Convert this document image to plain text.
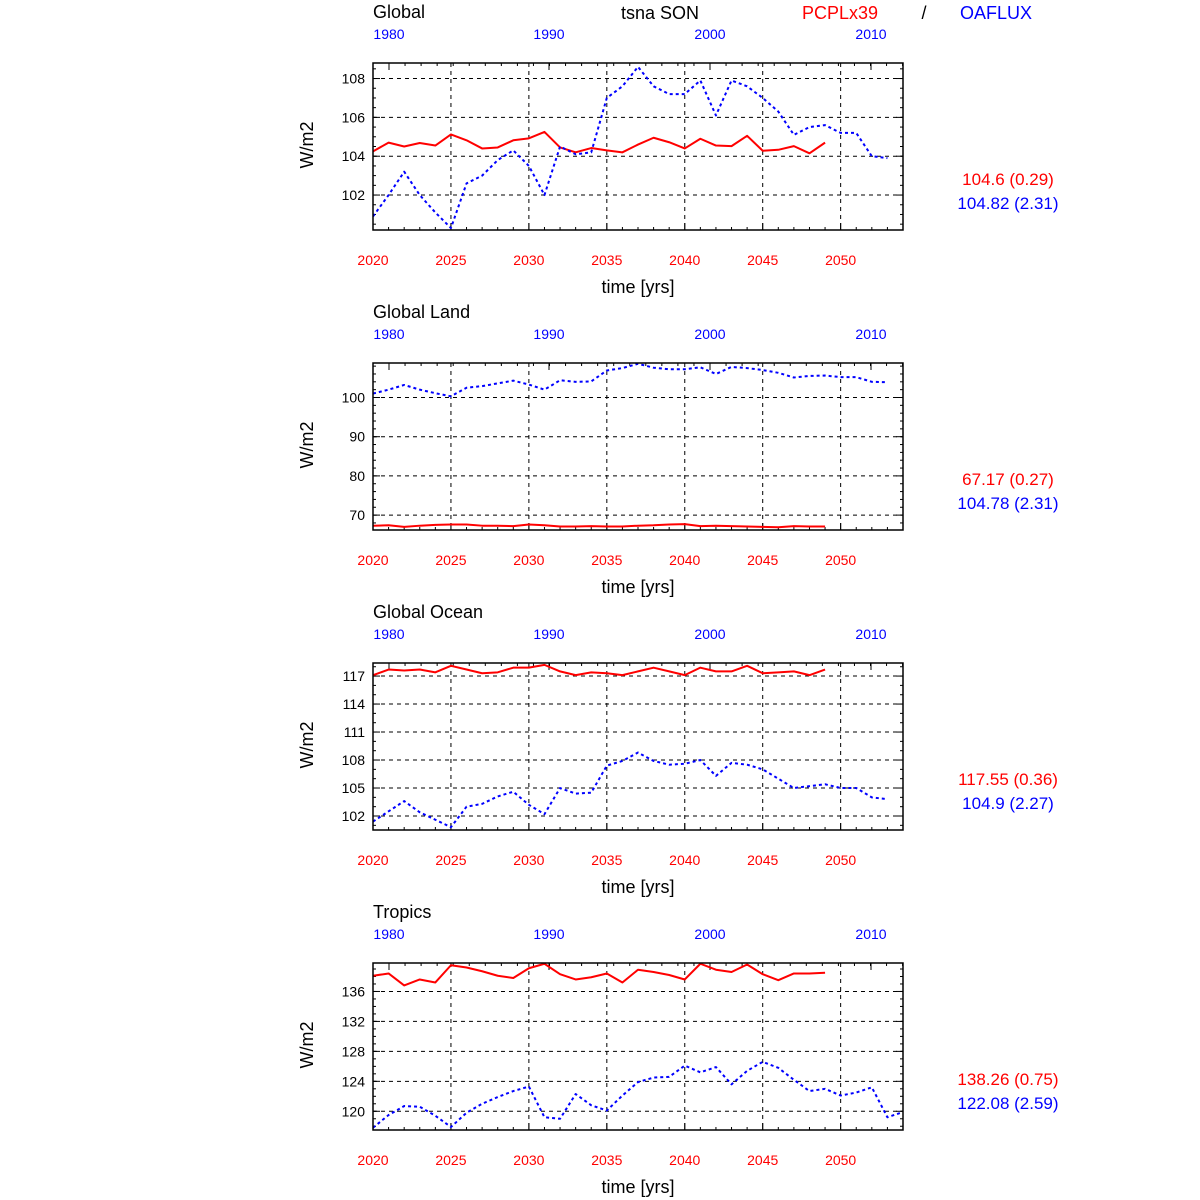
tsna SON	PCPLx39 / OAFLUX
Global
102
104
106
108
2020	2025	2030	2035	2040	2045	2050
1980	1990	2000	2010
time [yrs]
W/m2
104.6 (0.29)
104.82 (2.31)
Global Land
70
80
90
100
2020	2025	2030	2035	2040	2045	2050
1980	1990	2000	2010
time [yrs]
W/m2
67.17 (0.27)
104.78 (2.31)
Global Ocean
102
105
108
111
114
117
2020	2025	2030	2035	2040	2045	2050
1980	1990	2000	2010
time [yrs]
W/m2
117.55 (0.36)
104.9 (2.27)
Tropics
120
124
128
132
136
2020	2025	2030	2035	2040	2045	2050
1980	1990	2000	2010
time [yrs]
W/m2
138.26 (0.75)
122.08 (2.59)
